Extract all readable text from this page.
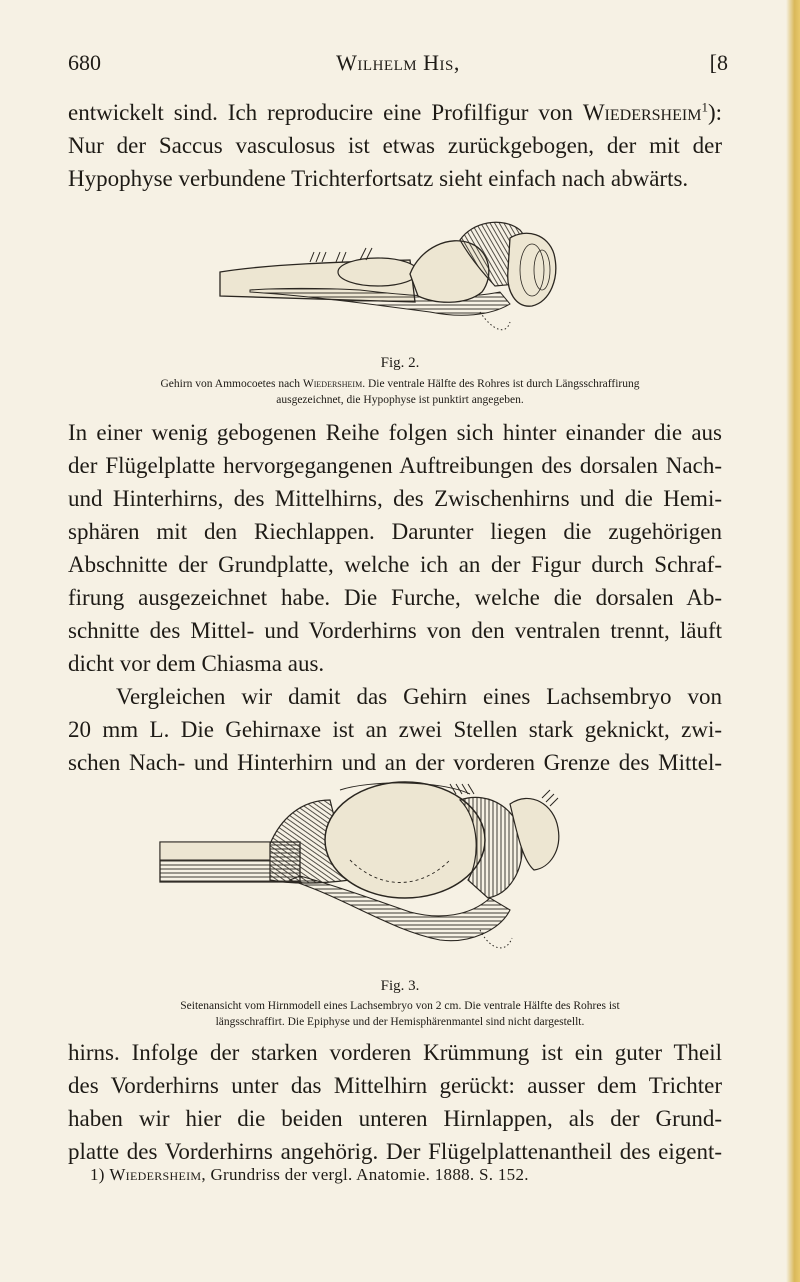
680	Wilhelm His,	[8
entwickelt sind. Ich reproducire eine Profilfigur von Wiedersheim$^1$):
Nur der Saccus vasculosus ist etwas zurückgebogen, der mit der
Hypophyse verbundene Trichterfortsatz sieht einfach nach abwärts.
Fig. 2.
Gehirn von Ammocoetes nach Wiedersheim. Die ventrale Hälfte des Rohres ist durch Längsschraffirung
ausgezeichnet, die Hypophyse ist punktirt angegeben.
In einer wenig gebogenen Reihe folgen sich hinter einander die aus
der Flügelplatte hervorgegangenen Auftreibungen des dorsalen Nach-
und Hinterhirns, des Mittelhirns, des Zwischenhirns und die Hemi-
sphären mit den Riechlappen. Darunter liegen die zugehörigen
Abschnitte der Grundplatte, welche ich an der Figur durch Schraf-
firung ausgezeichnet habe. Die Furche, welche die dorsalen Ab-
schnitte des Mittel- und Vorderhirns von den ventralen trennt, läuft
dicht vor dem Chiasma aus.
Vergleichen wir damit das Gehirn eines Lachsembryo von
20 mm L. Die Gehirnaxe ist an zwei Stellen stark geknickt, zwi-
schen Nach- und Hinterhirn und an der vorderen Grenze des Mittel-
Fig. 3.
Seitenansicht vom Hirnmodell eines Lachsembryo von 2 cm. Die ventrale Hälfte des Rohres ist
längsschraffirt. Die Epiphyse und der Hemisphärenmantel sind nicht dargestellt.
hirns. Infolge der starken vorderen Krümmung ist ein guter Theil
des Vorderhirns unter das Mittelhirn gerückt: ausser dem Trichter
haben wir hier die beiden unteren Hirnlappen, als der Grund-
platte des Vorderhirns angehörig. Der Flügelplattenantheil des eigent-
1) Wiedersheim, Grundriss der vergl. Anatomie. 1888. S. 152.
